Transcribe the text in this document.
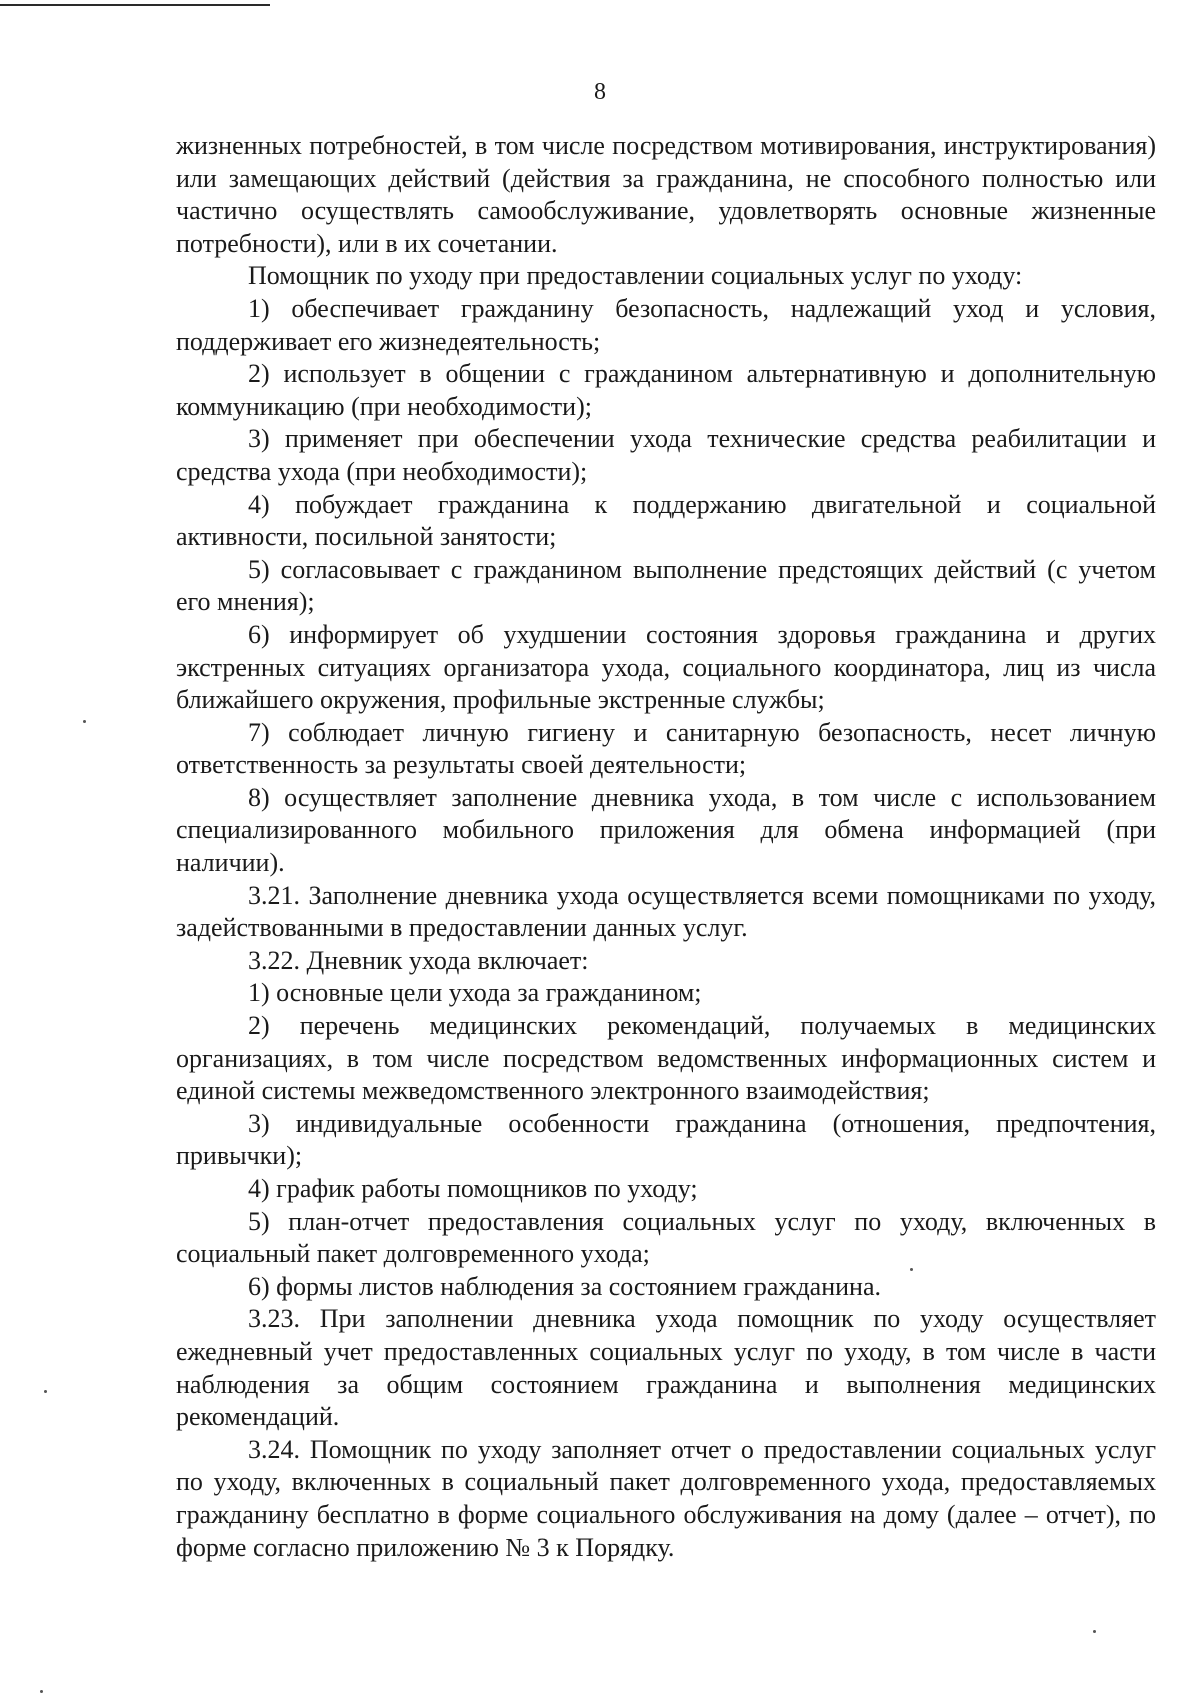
8

жизненных потребностей, в том числе посредством мотивирования, инструктирования) или замещающих действий (действия за гражданина, не способного полностью или частично осуществлять самообслуживание, удовлетворять основные жизненные потребности), или в их сочетании.

Помощник по уходу при предоставлении социальных услуг по уходу:

1) обеспечивает гражданину безопасность, надлежащий уход и условия, поддерживает его жизнедеятельность;

2) использует в общении с гражданином альтернативную и дополнительную коммуникацию (при необходимости);

3) применяет при обеспечении ухода технические средства реабилитации и средства ухода (при необходимости);

4) побуждает гражданина к поддержанию двигательной и социальной активности, посильной занятости;

5) согласовывает с гражданином выполнение предстоящих действий (с учетом его мнения);

6) информирует об ухудшении состояния здоровья гражданина и других экстренных ситуациях организатора ухода, социального координатора, лиц из числа ближайшего окружения, профильные экстренные службы;

7) соблюдает личную гигиену и санитарную безопасность, несет личную ответственность за результаты своей деятельности;

8) осуществляет заполнение дневника ухода, в том числе с использованием специализированного мобильного приложения для обмена информацией (при наличии).

3.21. Заполнение дневника ухода осуществляется всеми помощниками по уходу, задействованными в предоставлении данных услуг.

3.22. Дневник ухода включает:

1) основные цели ухода за гражданином;

2) перечень медицинских рекомендаций, получаемых в медицинских организациях, в том числе посредством ведомственных информационных систем и единой системы межведомственного электронного взаимодействия;

3) индивидуальные особенности гражданина (отношения, предпочтения, привычки);

4) график работы помощников по уходу;

5) план-отчет предоставления социальных услуг по уходу, включенных в социальный пакет долговременного ухода;

6) формы листов наблюдения за состоянием гражданина.

3.23. При заполнении дневника ухода помощник по уходу осуществляет ежедневный учет предоставленных социальных услуг по уходу, в том числе в части наблюдения за общим состоянием гражданина и выполнения медицинских рекомендаций.

3.24. Помощник по уходу заполняет отчет о предоставлении социальных услуг по уходу, включенных в социальный пакет долговременного ухода, предоставляемых гражданину бесплатно в форме социального обслуживания на дому (далее – отчет), по форме согласно приложению № 3 к Порядку.
